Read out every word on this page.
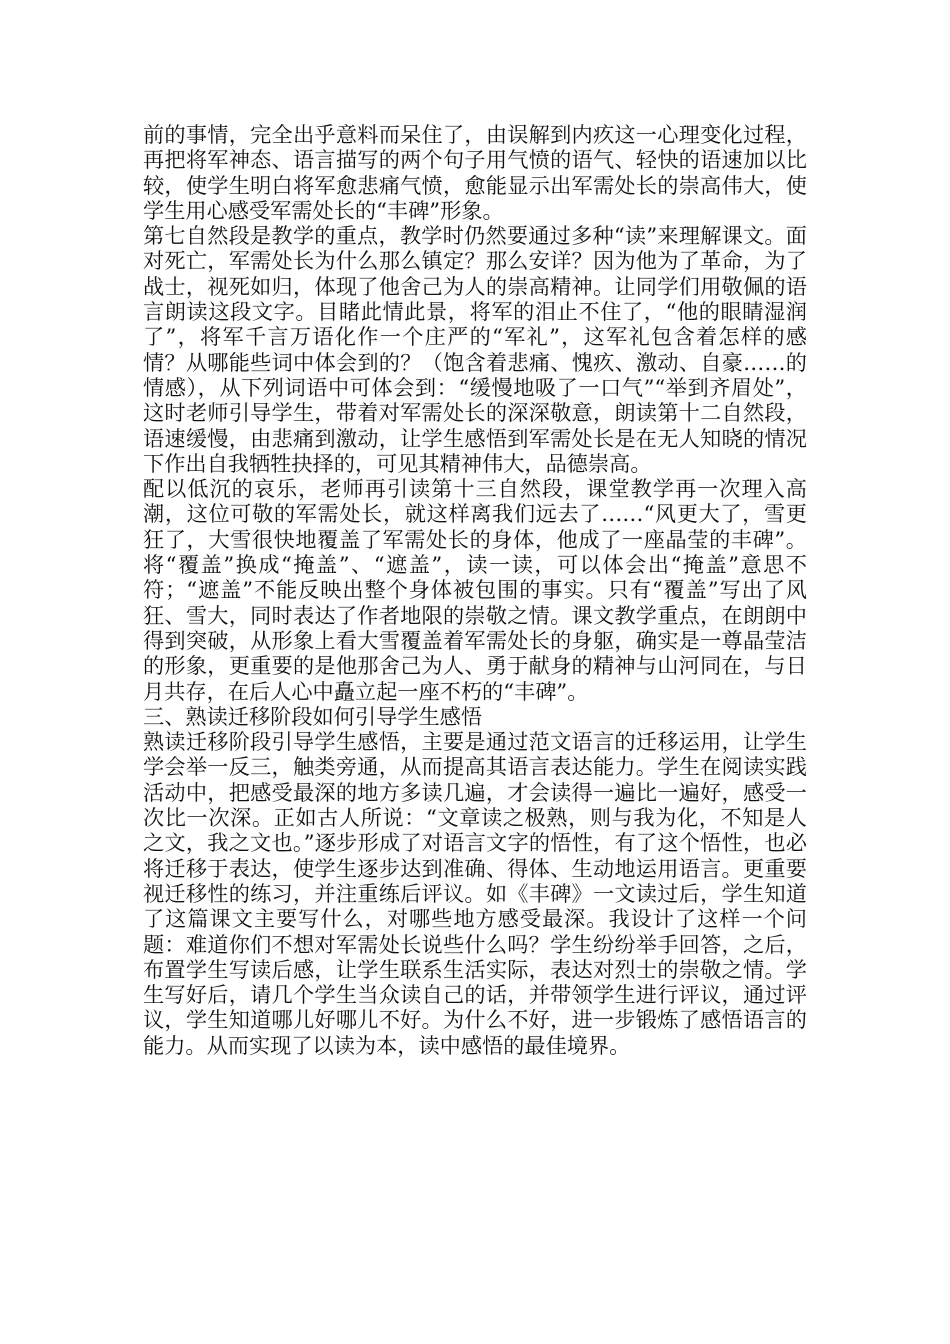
前的事情，完全出乎意料而呆住了，由误解到内疚这一心理变化过程，再把将军神态、语言描写的两个句子用气愤的语气、轻快的语速加以比较，使学生明白将军愈悲痛气愤，愈能显示出军需处长的崇高伟大，使学生用心感受军需处长的“丰碑”形象。

第七自然段是教学的重点，教学时仍然要通过多种“读”来理解课文。面对死亡，军需处长为什么那么镇定？那么安详？因为他为了革命，为了战士，视死如归，体现了他舍己为人的崇高精神。让同学们用敬佩的语言朗读这段文字。目睹此情此景，将军的泪止不住了，“他的眼睛湿润了”，将军千言万语化作一个庄严的“军礼”，这军礼包含着怎样的感情？从哪能些词中体会到的？（饱含着悲痛、愧疚、激动、自豪……的情感），从下列词语中可体会到：“缓慢地吸了一口气”“举到齐眉处”，这时老师引导学生，带着对军需处长的深深敬意，朗读第十二自然段，语速缓慢，由悲痛到激动，让学生感悟到军需处长是在无人知晓的情况下作出自我牺牲抉择的，可见其精神伟大，品德崇高。

配以低沉的哀乐，老师再引读第十三自然段，课堂教学再一次理入高潮，这位可敬的军需处长，就这样离我们远去了……“风更大了，雪更狂了，大雪很快地覆盖了军需处长的身体，他成了一座晶莹的丰碑”。将“覆盖”换成“掩盖”、“遮盖”，读一读，可以体会出“掩盖”意思不符；“遮盖”不能反映出整个身体被包围的事实。只有“覆盖”写出了风狂、雪大，同时表达了作者地限的崇敬之情。课文教学重点，在朗朗中得到突破，从形象上看大雪覆盖着军需处长的身躯，确实是一尊晶莹洁的形象，更重要的是他那舍己为人、勇于献身的精神与山河同在，与日月共存，在后人心中矗立起一座不朽的“丰碑”。

三、熟读迁移阶段如何引导学生感悟

熟读迁移阶段引导学生感悟，主要是通过范文语言的迁移运用，让学生学会举一反三，触类旁通，从而提高其语言表达能力。学生在阅读实践活动中，把感受最深的地方多读几遍，才会读得一遍比一遍好，感受一次比一次深。正如古人所说：“文章读之极熟，则与我为化，不知是人之文，我之文也。”逐步形成了对语言文字的悟性，有了这个悟性，也必将迁移于表达，使学生逐步达到准确、得体、生动地运用语言。更重要视迁移性的练习，并注重练后评议。如《丰碑》一文读过后，学生知道了这篇课文主要写什么，对哪些地方感受最深。我设计了这样一个问题：难道你们不想对军需处长说些什么吗？学生纷纷举手回答，之后，布置学生写读后感，让学生联系生活实际，表达对烈士的崇敬之情。学生写好后，请几个学生当众读自己的话，并带领学生进行评议，通过评议，学生知道哪儿好哪儿不好。为什么不好，进一步锻炼了感悟语言的能力。从而实现了以读为本，读中感悟的最佳境界。
